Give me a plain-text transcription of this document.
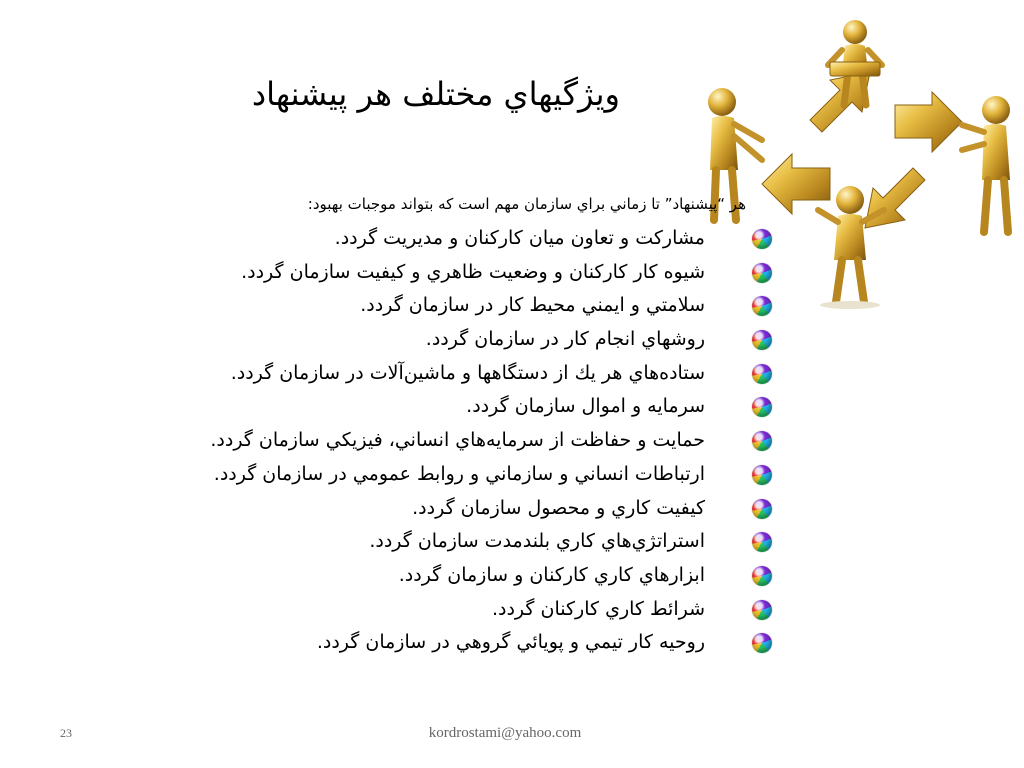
ويژگيهاي مختلف هر پيشنهاد
هر “پيشنهاد” تا زماني براي سازمان مهم است كه بتواند موجبات بهبود:
مشاركت و تعاون ميان كاركنان و مديريت گردد.
شيوه كار كاركنان و وضعيت ظاهري و كيفيت سازمان گردد.
سلامتي و ايمني محيط كار در سازمان گردد.
روشهاي انجام كار در سازمان گردد.
ستاده‌هاي هر يك از دستگاهها و ماشين‌آلات در سازمان گردد.
سرمايه و اموال سازمان گردد.
حمايت و حفاظت از سرمايه‌هاي انساني، فيزيكي سازمان گردد.
ارتباطات انساني و سازماني و روابط عمومي در سازمان گردد.
كيفيت كاري و محصول سازمان گردد.
استراتژي‌هاي كاري بلندمدت سازمان گردد.
ابزارهاي كاري كاركنان و سازمان گردد.
شرائط كاري كاركنان گردد.
روحيه كار تيمي و پويائي گروهي در سازمان گردد.
23	kordrostami@yahoo.com
